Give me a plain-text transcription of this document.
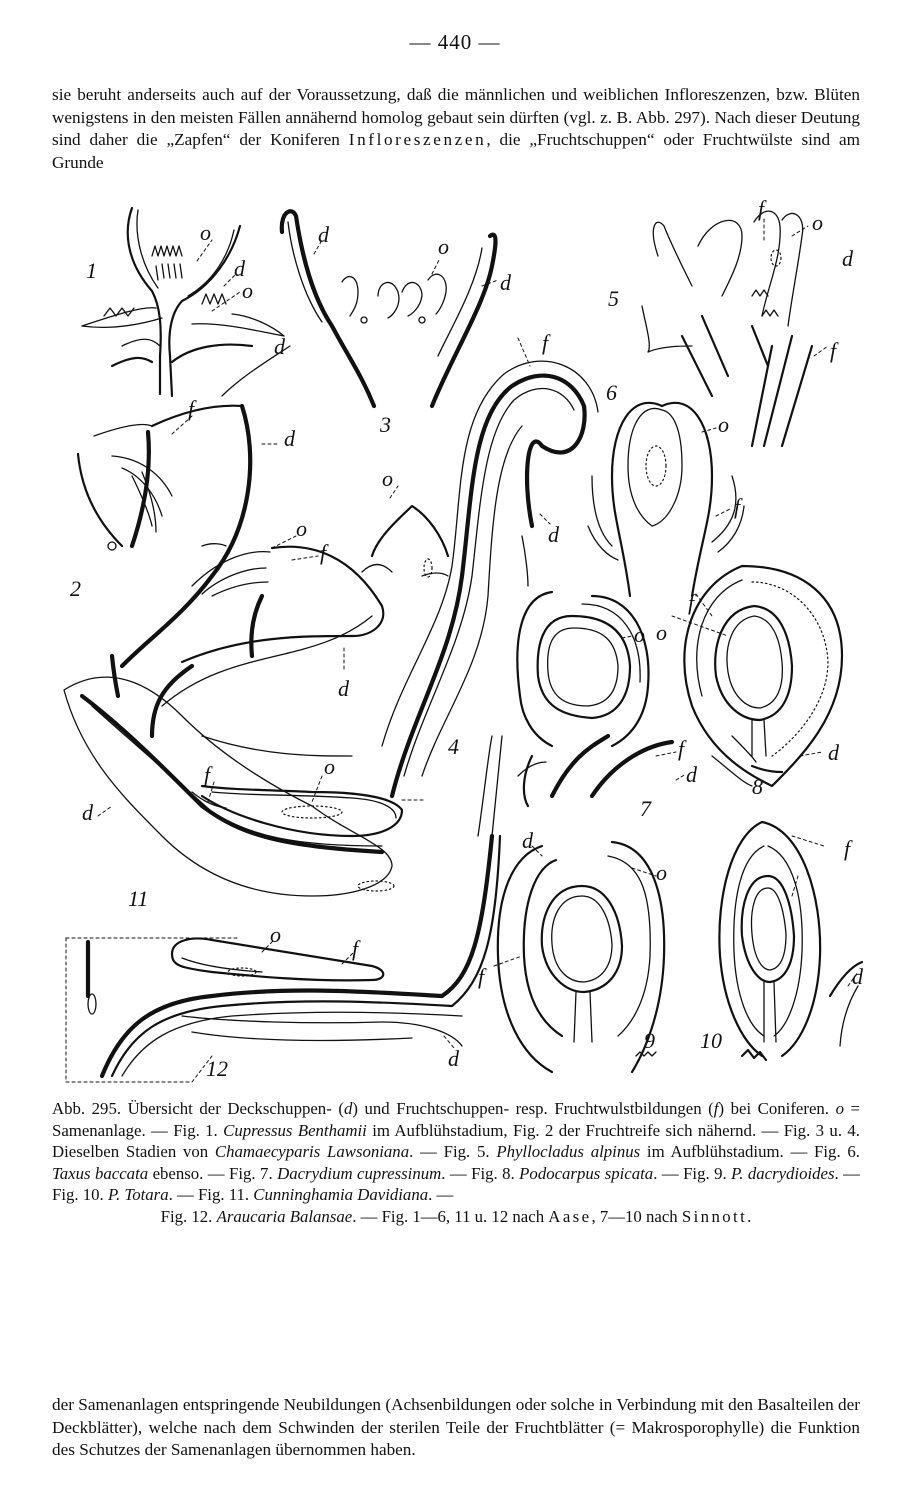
— 440 —

sie beruht anderseits auch auf der Voraussetzung, daß die männlichen und weiblichen Infloreszenzen, bzw. Blüten wenigstens in den meisten Fällen annähernd homolog gebaut sein dürften (vgl. z. B. Abb. 297). Nach dieser Deutung sind daher die „Zapfen“ der Koniferen Infloreszenzen, die „Fruchtschuppen“ oder Fruchtwülste sind am Grunde

1
o
d
o
d
d	o
d
3
f
o
d
f
5
f
d
o
f
d
2
o
f
d
4
o
f
6
o
f
d
7
f
o
d
8
d
f	o
11
o
f
d
12
d
o
f
9
f
d
10

Abb. 295. Übersicht der Deckschuppen- (d) und Fruchtschuppen- resp. Fruchtwulstbildungen (f) bei Coniferen. o = Samenanlage. — Fig. 1. Cupressus Benthamii im Aufblühstadium, Fig. 2 der Fruchtreife sich nähernd. — Fig. 3 u. 4. Dieselben Stadien von Chamaecyparis Lawsoniana. — Fig. 5. Phyllocladus alpinus im Aufblühstadium. — Fig. 6. Taxus baccata ebenso. — Fig. 7. Dacrydium cupressinum. — Fig. 8. Podocarpus spicata. — Fig. 9. P. dacrydioides. — Fig. 10. P. Totara. — Fig. 11. Cunninghamia Davidiana. —
Fig. 12. Araucaria Balansae. — Fig. 1—6, 11 u. 12 nach Aase, 7—10 nach Sinnott.

der Samenanlagen entspringende Neubildungen (Achsenbildungen oder solche in Verbindung mit den Basalteilen der Deckblätter), welche nach dem Schwinden der sterilen Teile der Fruchtblätter (= Makrosporophylle) die Funktion des Schutzes der Samenanlagen übernommen haben.
